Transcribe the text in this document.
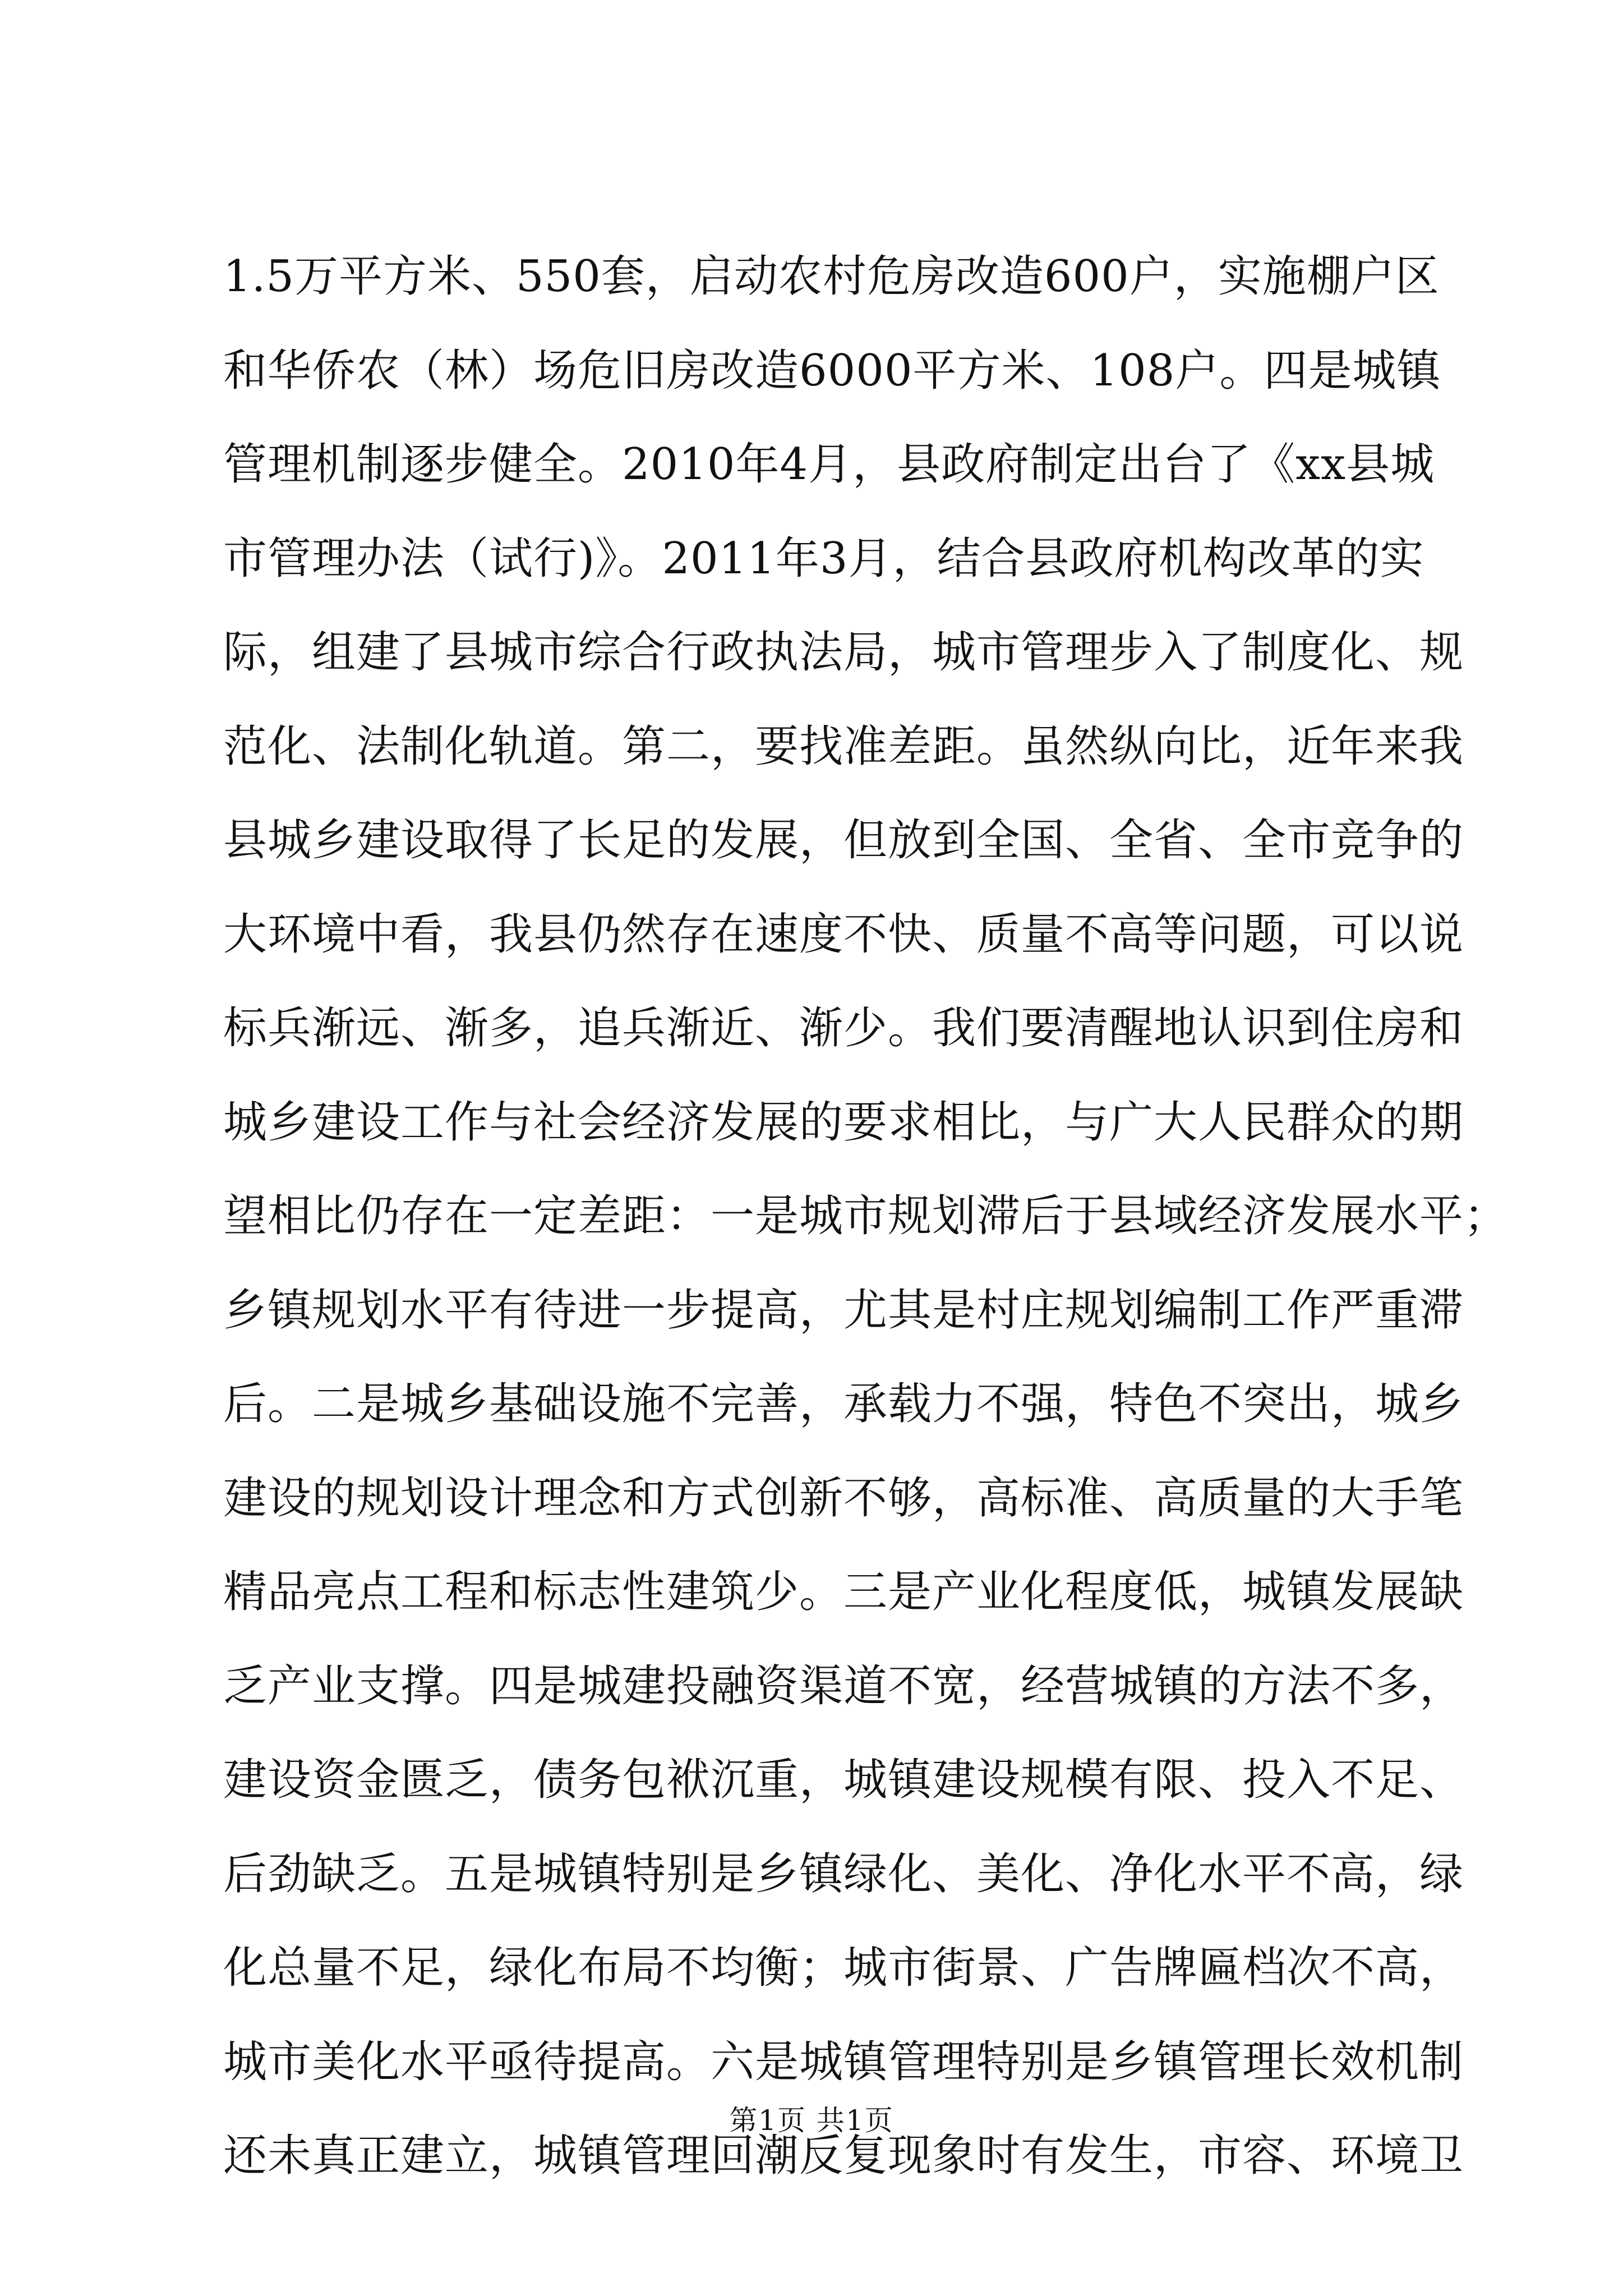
1.5万平方米、550套，启动农村危房改造600户，实施棚户区
和华侨农（林）场危旧房改造6000平方米、108户。四是城镇
管理机制逐步健全。2010年4月，县政府制定出台了《xx县城
市管理办法（试行)》。2011年3月，结合县政府机构改革的实
际，组建了县城市综合行政执法局，城市管理步入了制度化、规
范化、法制化轨道。第二，要找准差距。虽然纵向比，近年来我
县城乡建设取得了长足的发展，但放到全国、全省、全市竞争的
大环境中看，我县仍然存在速度不快、质量不高等问题，可以说
标兵渐远、渐多，追兵渐近、渐少。我们要清醒地认识到住房和
城乡建设工作与社会经济发展的要求相比，与广大人民群众的期
望相比仍存在一定差距：一是城市规划滞后于县域经济发展水平；
乡镇规划水平有待进一步提高，尤其是村庄规划编制工作严重滞
后。二是城乡基础设施不完善，承载力不强，特色不突出，城乡
建设的规划设计理念和方式创新不够，高标准、高质量的大手笔
精品亮点工程和标志性建筑少。三是产业化程度低，城镇发展缺
乏产业支撑。四是城建投融资渠道不宽，经营城镇的方法不多，
建设资金匮乏，债务包袱沉重，城镇建设规模有限、投入不足、
后劲缺乏。五是城镇特别是乡镇绿化、美化、净化水平不高，绿
化总量不足，绿化布局不均衡；城市街景、广告牌匾档次不高，
城市美化水平亟待提高。六是城镇管理特别是乡镇管理长效机制
还未真正建立，城镇管理回潮反复现象时有发生，市容、环境卫
第1页 共1页
